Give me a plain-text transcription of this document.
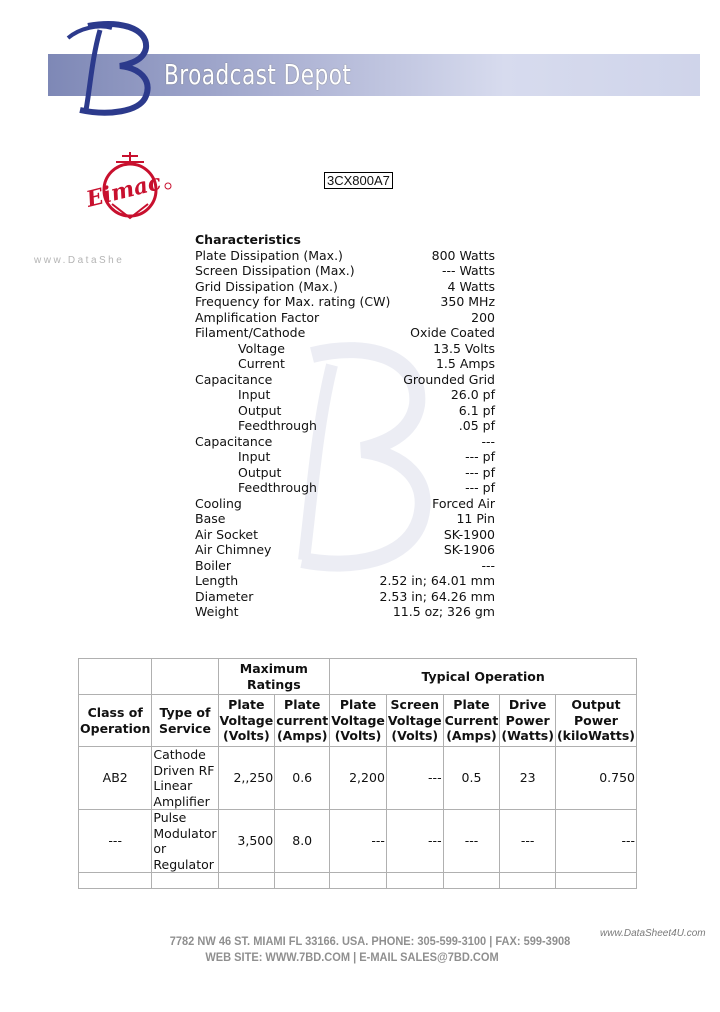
Broadcast Depot
Eimac	3CX800A7
www.DataShe
Characteristics
Plate Dissipation (Max.)	800 Watts
Screen Dissipation (Max.)	--- Watts
Grid Dissipation (Max.)	4 Watts
Frequency for Max. rating (CW)	350 MHz
Amplification Factor	200
Filament/Cathode	Oxide Coated
Voltage	13.5 Volts
Current	1.5 Amps
Capacitance	Grounded Grid
Input	26.0 pf
Output	6.1 pf
Feedthrough	.05 pf
Capacitance	---
Input	--- pf
Output	--- pf
Feedthrough	--- pf
Cooling	Forced Air
Base	11 Pin
Air Socket	SK-1900
Air Chimney	SK-1906
Boiler	---
Length	2.52 in; 64.01 mm
Diameter	2.53 in; 64.26 mm
Weight	11.5 oz; 326 gm
		Maximum Ratings		Typical Operation				
Class of Operation	Type of Service	Plate Voltage (Volts)	Plate current (Amps)	Plate Voltage (Volts)	Screen Voltage (Volts)	Plate Current (Amps)	Drive Power (Watts)	Output Power (kiloWatts)
AB2	Cathode Driven RF Linear Amplifier	2,,250	0.6	2,200	---	0.5	23	0.750
---	Pulse Modulator or Regulator	3,500	8.0	---	---	---	---	---

7782 NW 46 ST. MIAMI FL 33166. USA. PHONE: 305-599-3100 | FAX: 599-3908
WEB SITE: WWW.7BD.COM | E-MAIL SALES@7BD.COM
www.DataSheet4U.com
